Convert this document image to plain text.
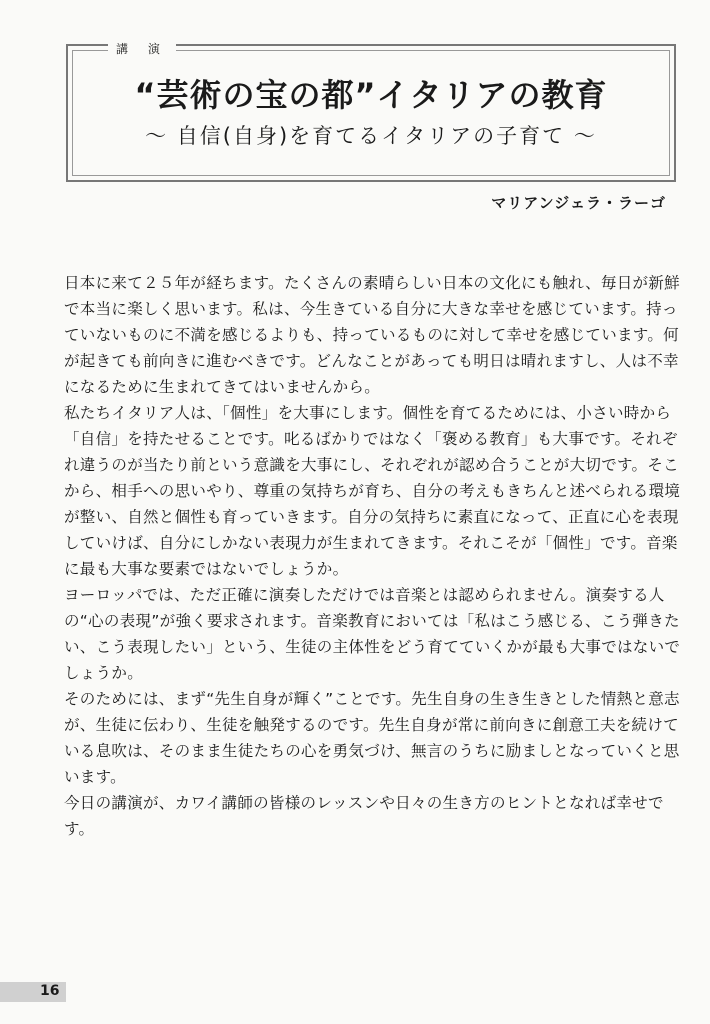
講 演
“芸術の宝の都”イタリアの教育
〜 自信(自身)を育てるイタリアの子育て 〜
マリアンジェラ・ラーゴ

日本に来て２５年が経ちます。たくさんの素晴らしい日本の文化にも触れ、毎日が新鮮で本当に楽しく思います。私は、今生きている自分に大きな幸せを感じています。持っていないものに不満を感じるよりも、持っているものに対して幸せを感じています。何が起きても前向きに進むべきです。どんなことがあっても明日は晴れますし、人は不幸になるために生まれてきてはいませんから。

私たちイタリア人は、「個性」を大事にします。個性を育てるためには、小さい時から「自信」を持たせることです。叱るばかりではなく「褒める教育」も大事です。それぞれ違うのが当たり前という意識を大事にし、それぞれが認め合うことが大切です。そこから、相手への思いやり、尊重の気持ちが育ち、自分の考えもきちんと述べられる環境が整い、自然と個性も育っていきます。自分の気持ちに素直になって、正直に心を表現していけば、自分にしかない表現力が生まれてきます。それこそが「個性」です。音楽に最も大事な要素ではないでしょうか。

ヨーロッパでは、ただ正確に演奏しただけでは音楽とは認められません。演奏する人の“心の表現”が強く要求されます。音楽教育においては「私はこう感じる、こう弾きたい、こう表現したい」という、生徒の主体性をどう育てていくかが最も大事ではないでしょうか。

そのためには、まず“先生自身が輝く”ことです。先生自身の生き生きとした情熱と意志が、生徒に伝わり、生徒を触発するのです。先生自身が常に前向きに創意工夫を続けている息吹は、そのまま生徒たちの心を勇気づけ、無言のうちに励ましとなっていくと思います。

今日の講演が、カワイ講師の皆様のレッスンや日々の生き方のヒントとなれば幸せです。

16
